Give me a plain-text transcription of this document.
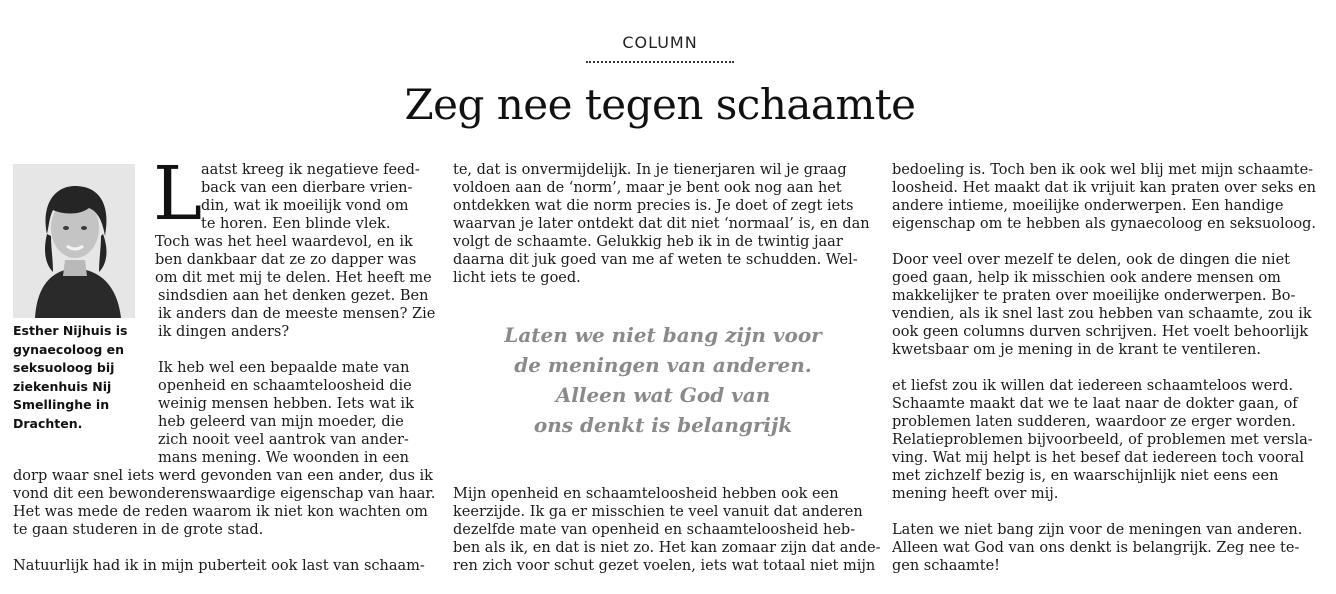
COLUMN
Zeg nee tegen schaamte
Esther Nijhuis is
gynaecoloog en
seksuoloog bij
ziekenhuis Nij
Smellinghe in
Drachten.
L
aatst kreeg ik negatieve feed-
back van een dierbare vrien-
din, wat ik moeilijk vond om
te horen. Een blinde vlek.
Toch was het heel waardevol, en ik
ben dankbaar dat ze zo dapper was
om dit met mij te delen. Het heeft me
sindsdien aan het denken gezet. Ben
ik anders dan de meeste mensen? Zie
ik dingen anders?
Ik heb wel een bepaalde mate van
openheid en schaamteloosheid die
weinig mensen hebben. Iets wat ik
heb geleerd van mijn moeder, die
zich nooit veel aantrok van ander-
mans mening. We woonden in een
dorp waar snel iets werd gevonden van een ander, dus ik
vond dit een bewonderenswaardige eigenschap van haar.
Het was mede de reden waarom ik niet kon wachten om
te gaan studeren in de grote stad.
Natuurlijk had ik in mijn puberteit ook last van schaam-
te, dat is onvermijdelijk. In je tienerjaren wil je graag
voldoen aan de ‘norm’, maar je bent ook nog aan het
ontdekken wat die norm precies is. Je doet of zegt iets
waarvan je later ontdekt dat dit niet ‘normaal’ is, en dan
volgt de schaamte. Gelukkig heb ik in de twintig jaar
daarna dit juk goed van me af weten te schudden. Wel-
licht iets te goed.
Laten we niet bang zijn voor
de meningen van anderen.
Alleen wat God van
ons denkt is belangrijk
Mijn openheid en schaamteloosheid hebben ook een
keerzijde. Ik ga er misschien te veel vanuit dat anderen
dezelfde mate van openheid en schaamteloosheid heb-
ben als ik, en dat is niet zo. Het kan zomaar zijn dat ande-
ren zich voor schut gezet voelen, iets wat totaal niet mijn
bedoeling is. Toch ben ik ook wel blij met mijn schaamte-
loosheid. Het maakt dat ik vrijuit kan praten over seks en
andere intieme, moeilijke onderwerpen. Een handige
eigenschap om te hebben als gynaecoloog en seksuoloog.
Door veel over mezelf te delen, ook de dingen die niet
goed gaan, help ik misschien ook andere mensen om
makkelijker te praten over moeilijke onderwerpen. Bo-
vendien, als ik snel last zou hebben van schaamte, zou ik
ook geen columns durven schrijven. Het voelt behoorlijk
kwetsbaar om je mening in de krant te ventileren.
et liefst zou ik willen dat iedereen schaamteloos werd.
Schaamte maakt dat we te laat naar de dokter gaan, of
problemen laten sudderen, waardoor ze erger worden.
Relatieproblemen bijvoorbeeld, of problemen met versla-
ving. Wat mij helpt is het besef dat iedereen toch vooral
met zichzelf bezig is, en waarschijnlijk niet eens een
mening heeft over mij.
Laten we niet bang zijn voor de meningen van anderen.
Alleen wat God van ons denkt is belangrijk. Zeg nee te-
gen schaamte!
